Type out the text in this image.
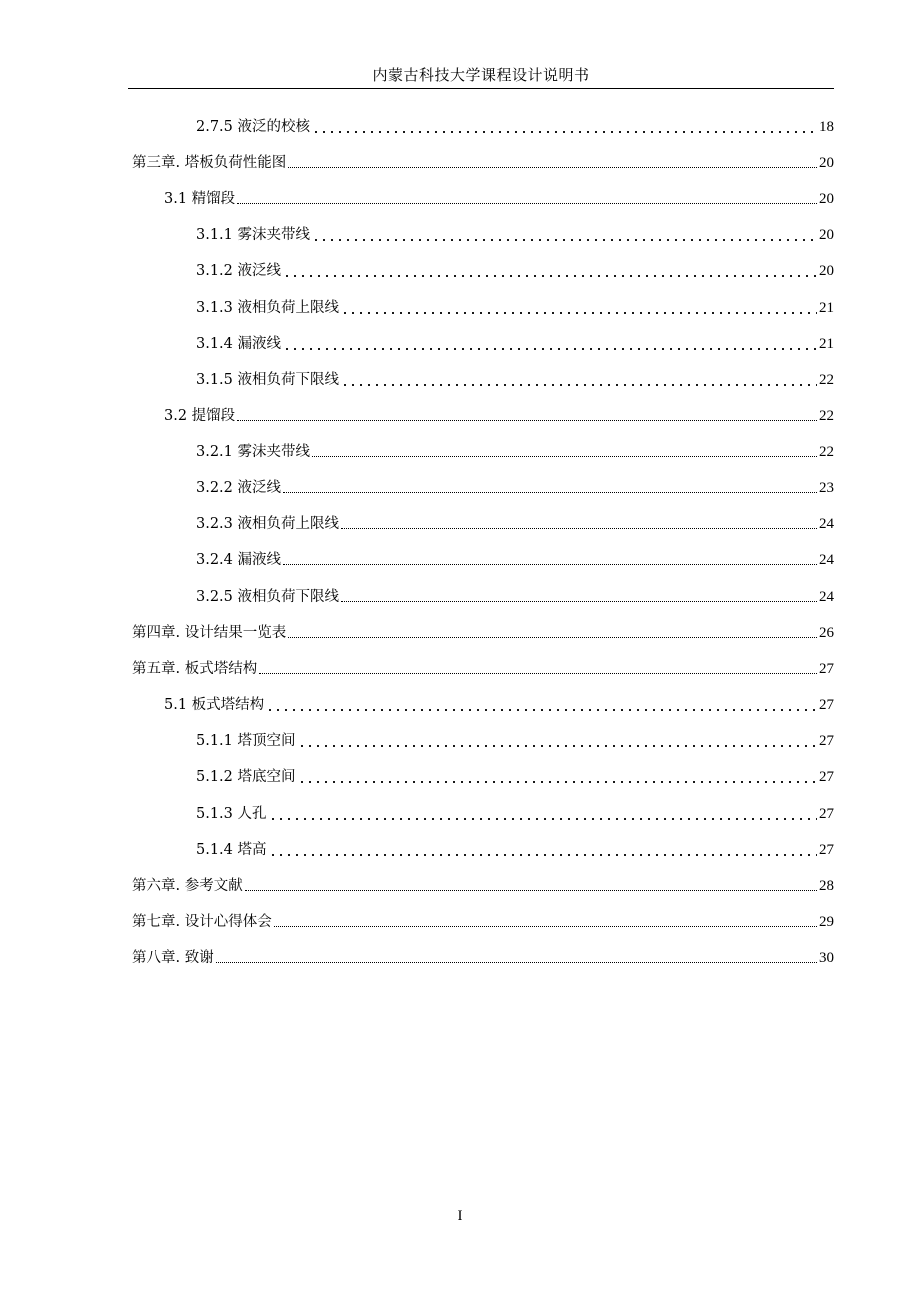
内蒙古科技大学课程设计说明书
2.7.5 液泛的校核	18
第三章. 塔板负荷性能图	20
3.1 精馏段	20
3.1.1 雾沫夹带线	20
3.1.2 液泛线	20
3.1.3 液相负荷上限线	21
3.1.4 漏液线	21
3.1.5 液相负荷下限线	22
3.2 提馏段	22
3.2.1 雾沫夹带线	22
3.2.2 液泛线	23
3.2.3 液相负荷上限线	24
3.2.4 漏液线	24
3.2.5 液相负荷下限线	24
第四章. 设计结果一览表	26
第五章. 板式塔结构	27
5.1 板式塔结构	27
5.1.1 塔顶空间	27
5.1.2 塔底空间	27
5.1.3 人孔	27
5.1.4 塔高	27
第六章. 参考文献	28
第七章. 设计心得体会	29
第八章. 致谢	30
I
